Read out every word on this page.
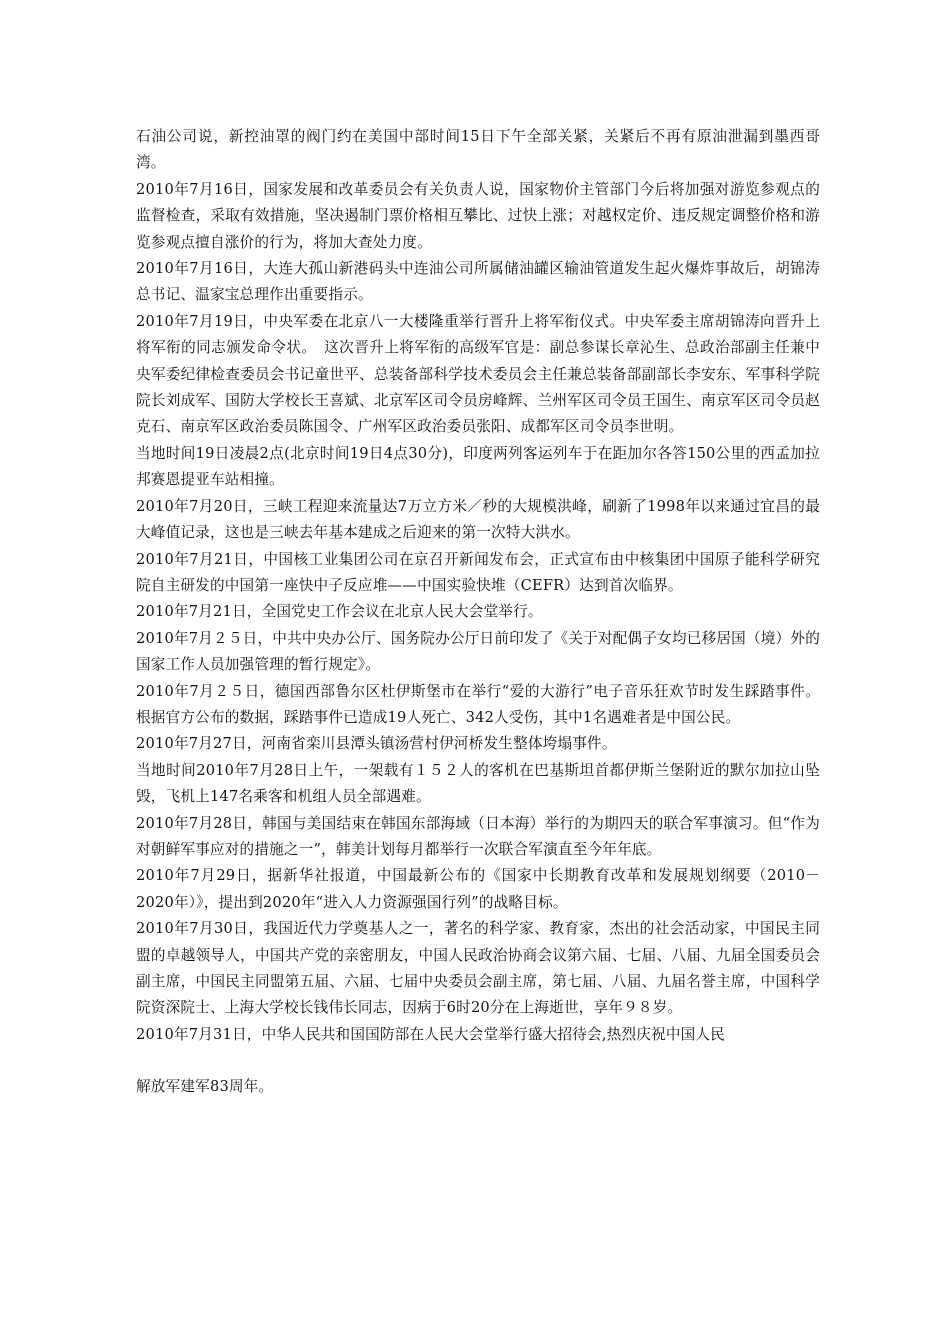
石油公司说，新控油罩的阀门约在美国中部时间15日下午全部关紧，关紧后不再有原油泄漏到墨西哥湾。

2010年7月16日，国家发展和改革委员会有关负责人说，国家物价主管部门今后将加强对游览参观点的监督检查，采取有效措施，坚决遏制门票价格相互攀比、过快上涨；对越权定价、违反规定调整价格和游览参观点擅自涨价的行为，将加大查处力度。

2010年7月16日，大连大孤山新港码头中连油公司所属储油罐区输油管道发生起火爆炸事故后，胡锦涛总书记、温家宝总理作出重要指示。

2010年7月19日，中央军委在北京八一大楼隆重举行晋升上将军衔仪式。中央军委主席胡锦涛向晋升上将军衔的同志颁发命令状。　这次晋升上将军衔的高级军官是：副总参谋长章沁生、总政治部副主任兼中央军委纪律检查委员会书记童世平、总装备部科学技术委员会主任兼总装备部副部长李安东、军事科学院院长刘成军、国防大学校长王喜斌、北京军区司令员房峰辉、兰州军区司令员王国生、南京军区司令员赵克石、南京军区政治委员陈国令、广州军区政治委员张阳、成都军区司令员李世明。

当地时间19日凌晨2点(北京时间19日4点30分)，印度两列客运列车于在距加尔各答150公里的西孟加拉邦赛恩提亚车站相撞。

2010年7月20日，三峡工程迎来流量达7万立方米／秒的大规模洪峰，刷新了1998年以来通过宜昌的最大峰值记录，这也是三峡去年基本建成之后迎来的第一次特大洪水。

2010年7月21日，中国核工业集团公司在京召开新闻发布会，正式宣布由中核集团中国原子能科学研究院自主研发的中国第一座快中子反应堆——中国实验快堆（CEFR）达到首次临界。

2010年7月21日，全国党史工作会议在北京人民大会堂举行。

2010年7月２５日，中共中央办公厅、国务院办公厅日前印发了《关于对配偶子女均已移居国（境）外的国家工作人员加强管理的暂行规定》。

2010年7月２５日，德国西部鲁尔区杜伊斯堡市在举行“爱的大游行”电子音乐狂欢节时发生踩踏事件。根据官方公布的数据，踩踏事件已造成19人死亡、342人受伤，其中1名遇难者是中国公民。

2010年7月27日，河南省栾川县潭头镇汤营村伊河桥发生整体垮塌事件。

当地时间2010年7月28日上午，一架载有１５２人的客机在巴基斯坦首都伊斯兰堡附近的默尔加拉山坠毁，飞机上147名乘客和机组人员全部遇难。

2010年7月28日，韩国与美国结束在韩国东部海域（日本海）举行的为期四天的联合军事演习。但“作为对朝鲜军事应对的措施之一”，韩美计划每月都举行一次联合军演直至今年年底。

2010年7月29日，据新华社报道，中国最新公布的《国家中长期教育改革和发展规划纲要（2010－2020年）》，提出到2020年“进入人力资源强国行列”的战略目标。

2010年7月30日，我国近代力学奠基人之一，著名的科学家、教育家，杰出的社会活动家，中国民主同盟的卓越领导人，中国共产党的亲密朋友，中国人民政治协商会议第六届、七届、八届、九届全国委员会副主席，中国民主同盟第五届、六届、七届中央委员会副主席，第七届、八届、九届名誉主席，中国科学院资深院士、上海大学校长钱伟长同志，因病于6时20分在上海逝世，享年９８岁。

2010年7月31日，中华人民共和国国防部在人民大会堂举行盛大招待会,热烈庆祝中国人民

解放军建军83周年。
